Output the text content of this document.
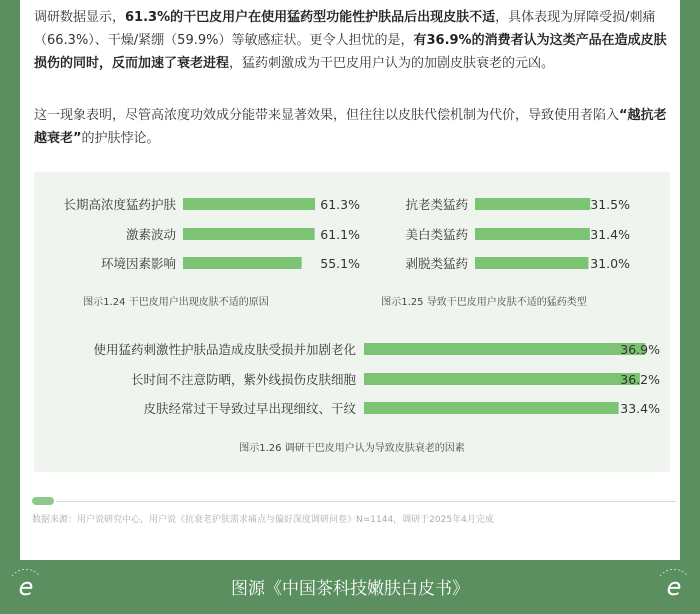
调研数据显示，61.3%的干巴皮用户在使用猛药型功能性护肤品后出现皮肤不适，具体表现为屏障受损/刺痛（66.3%）、干燥/紧绷（59.9%）等敏感症状。更令人担忧的是，有36.9%的消费者认为这类产品在造成皮肤损伤的同时，反而加速了衰老进程，猛药刺激成为干巴皮用户认为的加剧皮肤衰老的元凶。
这一现象表明，尽管高浓度功效成分能带来显著效果，但往往以皮肤代偿机制为代价，导致使用者陷入“越抗老越衰老”的护肤悖论。
长期高浓度猛药护肤	61.3%
激素波动	61.1%
环境因素影响	55.1%
图示1.24 干巴皮用户出现皮肤不适的原因
抗老类猛药	31.5%
美白类猛药	31.4%
剥脱类猛药	31.0%
图示1.25 导致干巴皮用户皮肤不适的猛药类型
使用猛药刺激性护肤品造成皮肤受损并加剧老化	36.9%
长时间不注意防晒，紫外线损伤皮肤细胞	36.2%
皮肤经常过干导致过早出现细纹、干纹	33.4%
图示1.26 调研干巴皮用户认为导致皮肤衰老的因素
数据来源：用户说研究中心，用户说《抗衰老护肤需求痛点与偏好深度调研问卷》N=1144，调研于2025年4月完成
图源《中国茶科技嫩肤白皮书》
e	e
